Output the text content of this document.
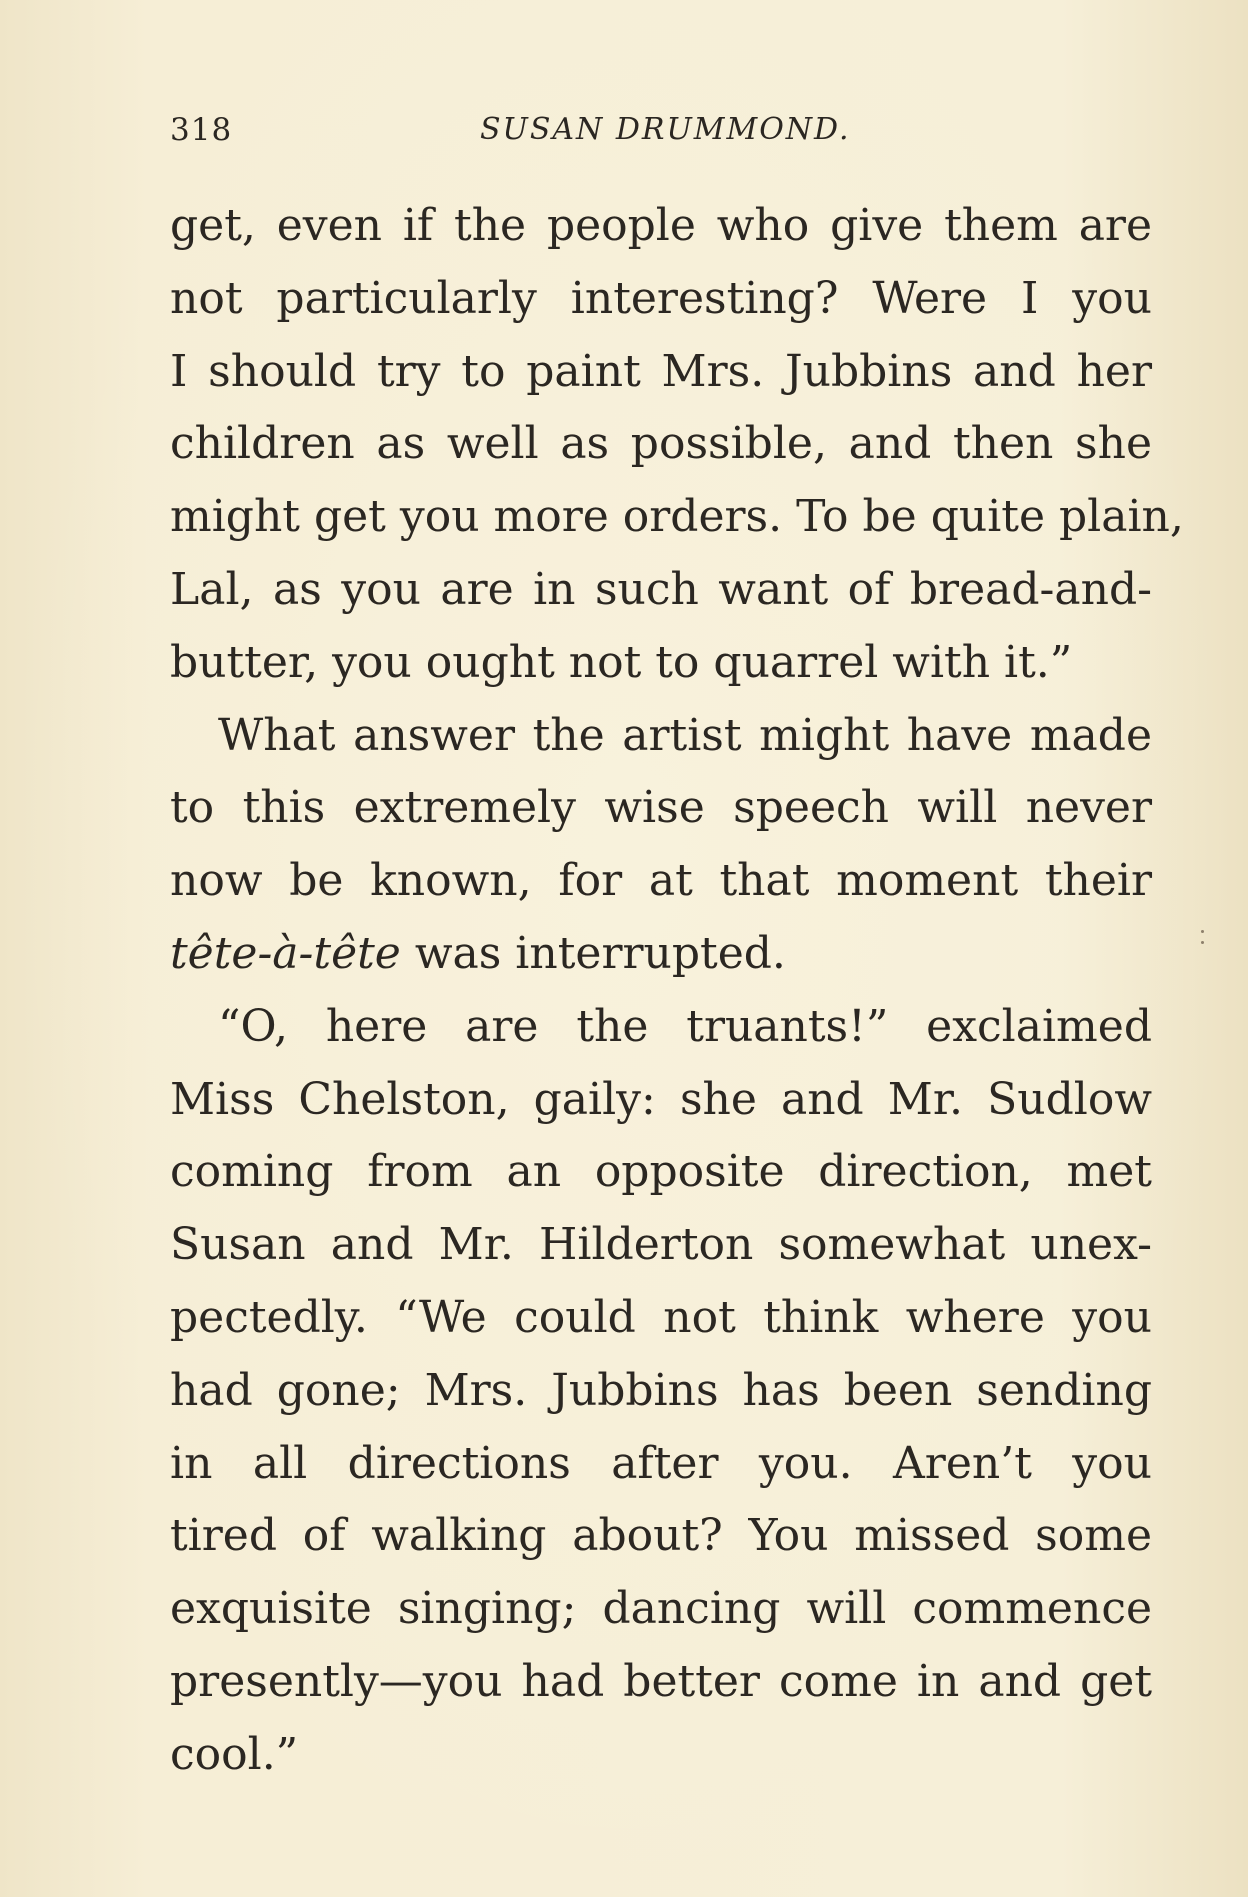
318	SUSAN DRUMMOND.
get, even if the people who give them are
not particularly interesting? Were I you
I should try to paint Mrs. Jubbins and her
children as well as possible, and then she
might get you more orders. To be quite plain,
Lal, as you are in such want of bread-and-
butter, you ought not to quarrel with it.”
What answer the artist might have made
to this extremely wise speech will never
now be known, for at that moment their
tête-à-tête was interrupted.
“O, here are the truants!” exclaimed
Miss Chelston, gaily: she and Mr. Sudlow
coming from an opposite direction, met
Susan and Mr. Hilderton somewhat unex-
pectedly. “We could not think where you
had gone; Mrs. Jubbins has been sending
in all directions after you. Aren’t you
tired of walking about? You missed some
exquisite singing; dancing will commence
presently—you had better come in and get
cool.”
